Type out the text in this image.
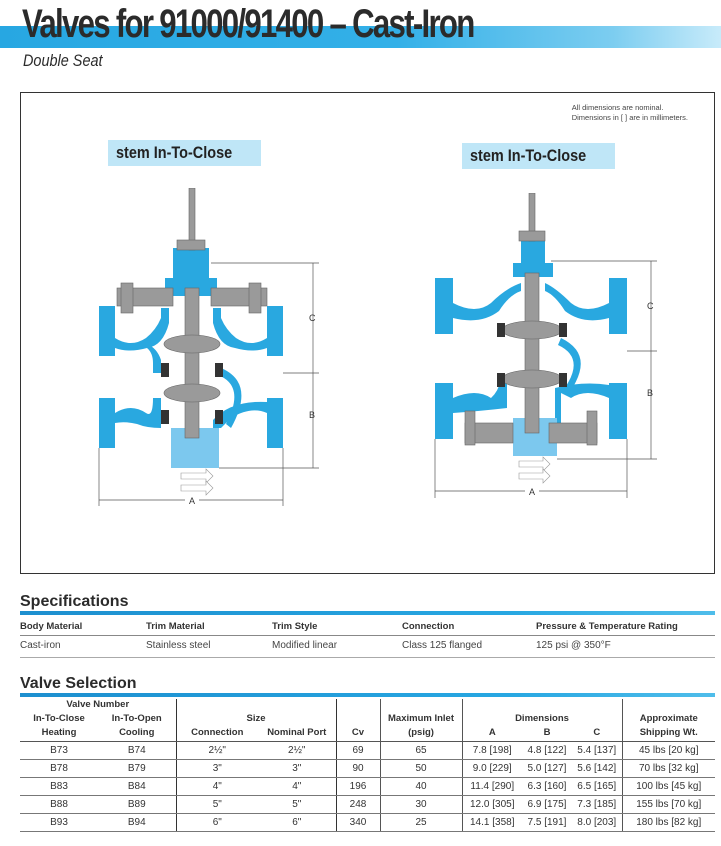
Valves for 91000/91400 – Cast-Iron
Double Seat
All dimensions are nominal.
Dimensions in [ ] are in millimeters.
stem In-To-Close	stem In-To-Close
C
B
A
C
B
A
Specifications
Body Material	Trim Material	Trim Style	Connection	Pressure & Temperature Rating
Cast-iron	Stainless steel	Modified linear	Class 125 flanged	125 psi @ 350°F
Valve Selection
Valve Number									
In-To-Close	In-To-Open	Size			Maximum Inlet	Dimensions			Approximate
Heating	Cooling	Connection	Nominal Port	Cv	(psig)	A	B	C	Shipping Wt.
B73	B74	2½"	2½"	69	65	7.8 [198]	4.8 [122]	5.4 [137]	45 lbs [20 kg]
B78	B79	3"	3"	90	50	9.0 [229]	5.0 [127]	5.6 [142]	70 lbs [32 kg]
B83	B84	4"	4"	196	40	11.4 [290]	6.3 [160]	6.5 [165]	100 lbs [45 kg]
B88	B89	5"	5"	248	30	12.0 [305]	6.9 [175]	7.3 [185]	155 lbs [70 kg]
B93	B94	6"	6"	340	25	14.1 [358]	7.5 [191]	8.0 [203]	180 lbs [82 kg]
